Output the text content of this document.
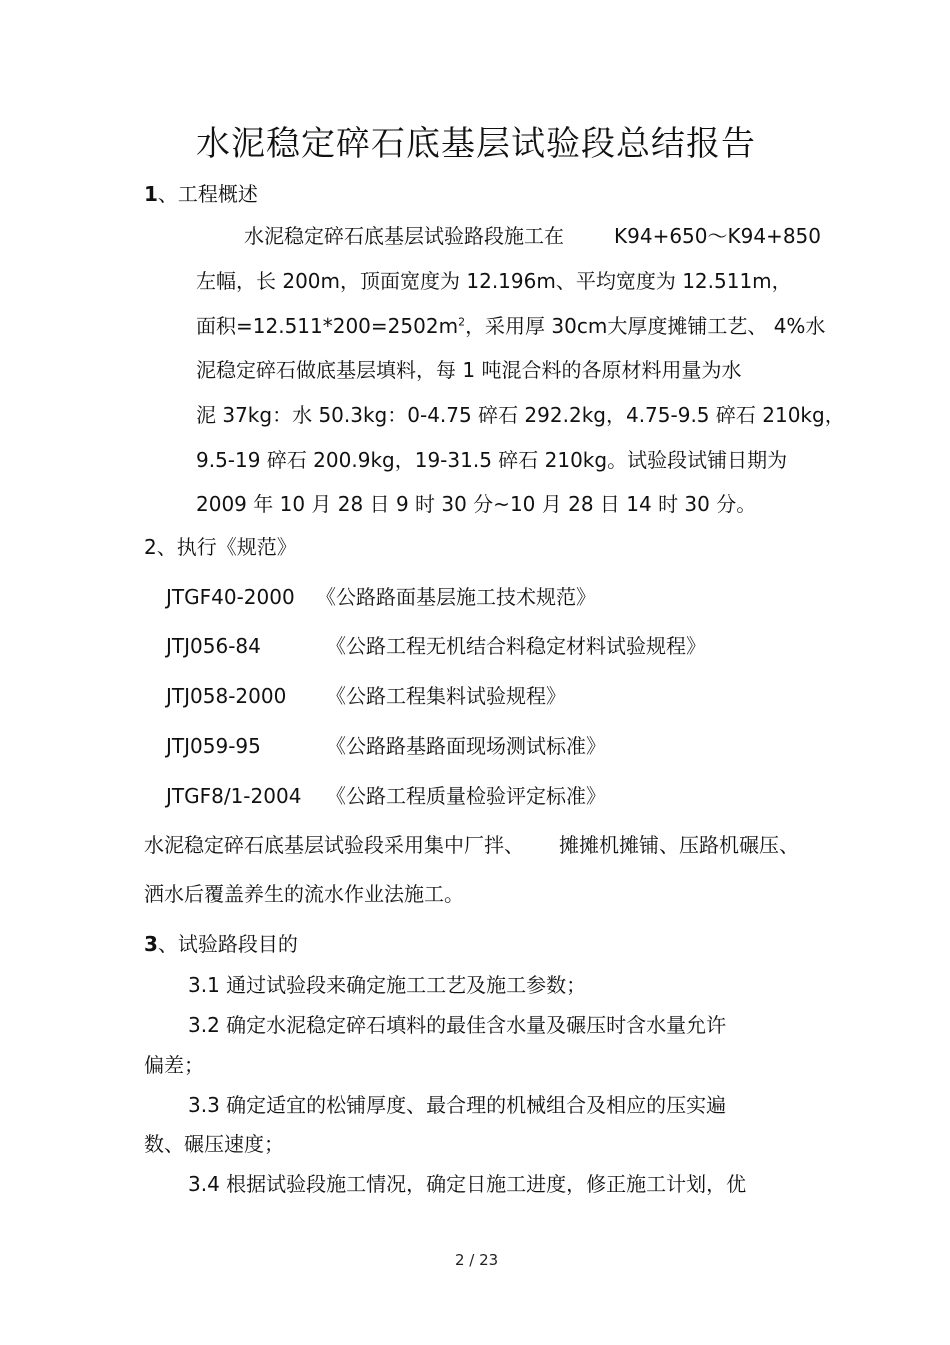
水泥稳定碎石底基层试验段总结报告
1、工程概述
水泥稳定碎石底基层试验路段施工在	K94+650～K94+850
左幅，长 200m，顶面宽度为 12.196m、平均宽度为 12.511m，
面积$=12.511*200=2502m^2$，采用厚 30cm大厚度摊铺工艺、 4%水
泥稳定碎石做底基层填料，每 1 吨混合料的各原材料用量为水
泥 37kg：水 50.3kg：0-4.75 碎石 292.2kg，4.75-9.5 碎石 210kg，
9.5-19 碎石 200.9kg，19-31.5 碎石 210kg。试验段试铺日期为
2009 年 10 月 28 日 9 时 30 分~10 月 28 日 14 时 30 分。
2、执行《规范》
JTGF40-2000 《公路路面基层施工技术规范》
JTJ056-84	《公路工程无机结合料稳定材料试验规程》
JTJ058-2000 《公路工程集料试验规程》
JTJ059-95	《公路路基路面现场测试标准》
JTGF8/1-2004 《公路工程质量检验评定标准》
水泥稳定碎石底基层试验段采用集中厂拌、 摊摊机摊铺、压路机碾压、
洒水后覆盖养生的流水作业法施工。
3、试验路段目的
3.1 通过试验段来确定施工工艺及施工参数；
3.2 确定水泥稳定碎石填料的最佳含水量及碾压时含水量允许
偏差；
3.3 确定适宜的松铺厚度、最合理的机械组合及相应的压实遍
数、碾压速度；
3.4 根据试验段施工情况，确定日施工进度，修正施工计划，优
2 / 23
